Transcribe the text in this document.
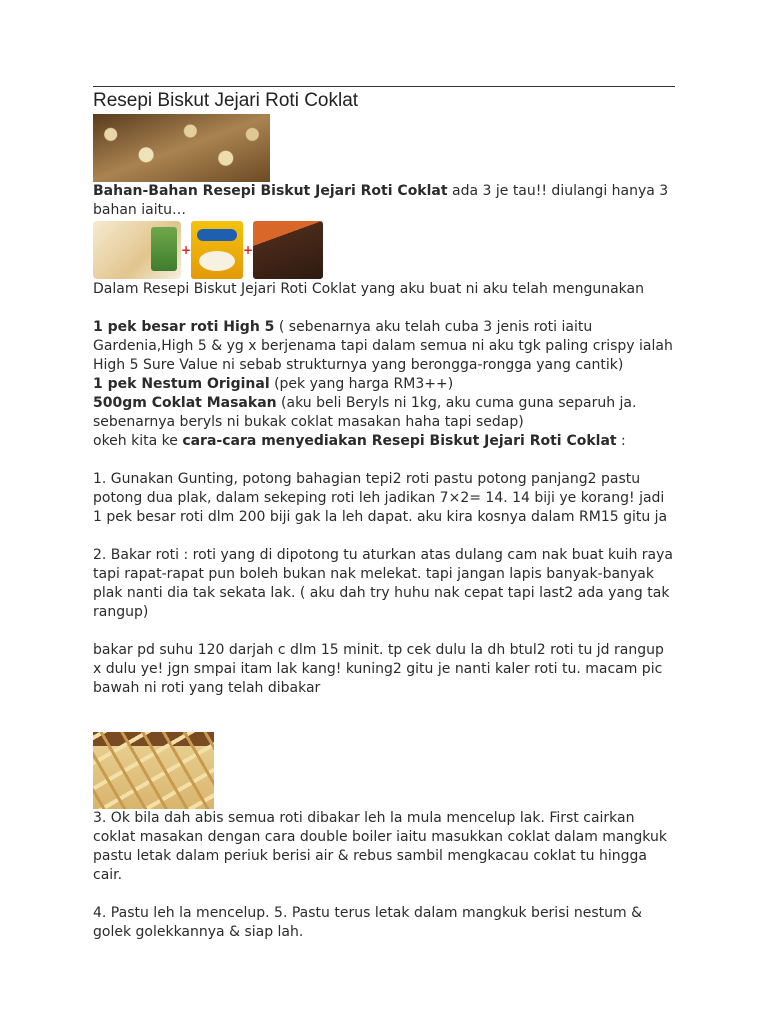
Resepi Biskut Jejari Roti Coklat

Bahan-Bahan Resepi Biskut Jejari Roti Coklat ada 3 je tau!! diulangi hanya 3 bahan iaitu…

+	+

Dalam Resepi Biskut Jejari Roti Coklat yang aku buat ni aku telah mengunakan

1 pek besar roti High 5 ( sebenarnya aku telah cuba 3 jenis roti iaitu Gardenia,High 5 & yg x berjenama tapi dalam semua ni aku tgk paling crispy ialah High 5 Sure Value ni sebab strukturnya yang berongga-rongga yang cantik)

1 pek Nestum Original (pek yang harga RM3++)

500gm Coklat Masakan (aku beli Beryls ni 1kg, aku cuma guna separuh ja. sebenarnya beryls ni bukak coklat masakan haha tapi sedap)

okeh kita ke cara-cara menyediakan Resepi Biskut Jejari Roti Coklat :

1. Gunakan Gunting, potong bahagian tepi2 roti pastu potong panjang2 pastu potong dua plak, dalam sekeping roti leh jadikan 7×2= 14. 14 biji ye korang! jadi 1 pek besar roti dlm 200 biji gak la leh dapat. aku kira kosnya dalam RM15 gitu ja

2. Bakar roti : roti yang di dipotong tu aturkan atas dulang cam nak buat kuih raya tapi rapat-rapat pun boleh bukan nak melekat. tapi jangan lapis banyak-banyak plak nanti dia tak sekata lak. ( aku dah try huhu nak cepat tapi last2 ada yang tak rangup)

bakar pd suhu 120 darjah c dlm 15 minit. tp cek dulu la dh btul2 roti tu jd rangup x dulu ye! jgn smpai itam lak kang! kuning2 gitu je nanti kaler roti tu. macam pic bawah ni roti yang telah dibakar

3. Ok bila dah abis semua roti dibakar leh la mula mencelup lak. First cairkan coklat masakan dengan cara double boiler iaitu masukkan coklat dalam mangkuk pastu letak dalam periuk berisi air & rebus sambil mengkacau coklat tu hingga cair.

4. Pastu leh la mencelup. 5. Pastu terus letak dalam mangkuk berisi nestum & golek golekkannya & siap lah.
